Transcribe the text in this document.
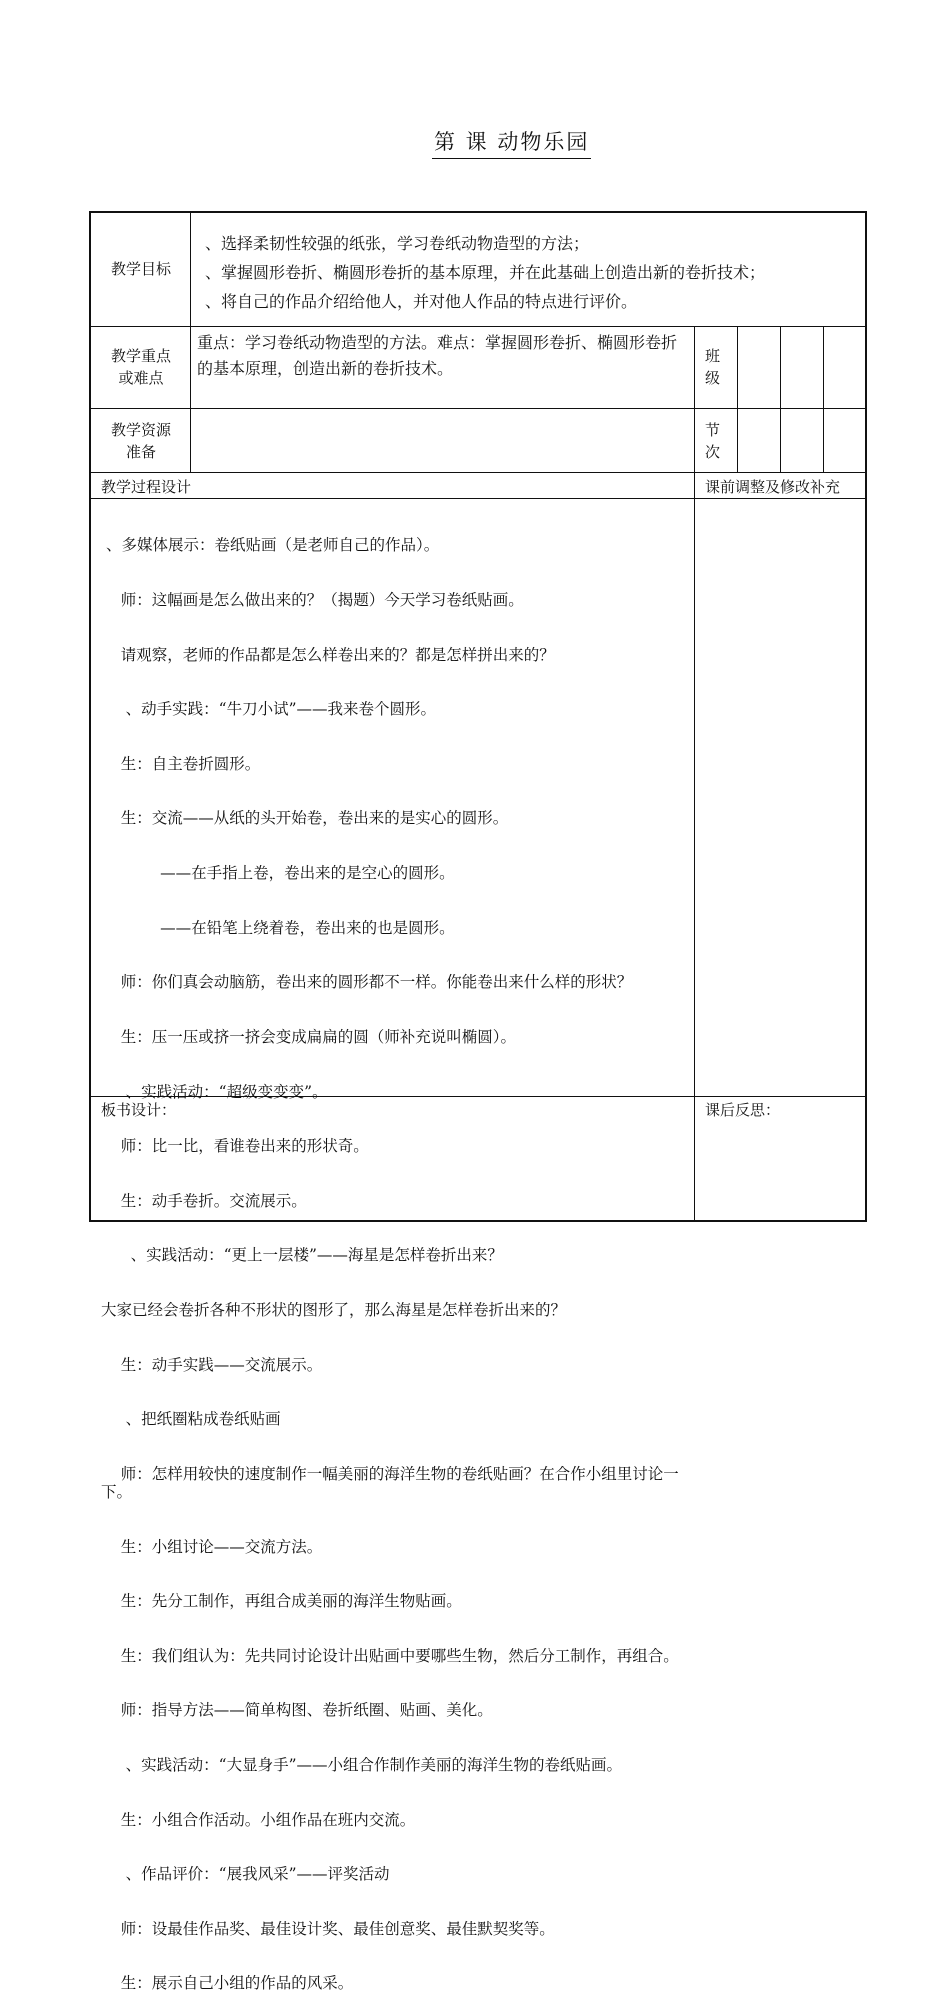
第 课 动物乐园
教学目标
、选择柔韧性较强的纸张，学习卷纸动物造型的方法；
、掌握圆形卷折、椭圆形卷折的基本原理，并在此基础上创造出新的卷折技术；
、将自己的作品介绍给他人，并对他人作品的特点进行评价。
教学重点
或难点
重点：学习卷纸动物造型的方法。难点：掌握圆形卷折、椭圆形卷折的基本原理，创造出新的卷折技术。
班
级
教学资源
准备
节
次
教学过程设计	课前调整及修改补充

、多媒体展示：卷纸贴画（是老师自己的作品）。

师：这幅画是怎么做出来的？（揭题）今天学习卷纸贴画。

请观察，老师的作品都是怎么样卷出来的？都是怎样拼出来的？

、动手实践：“牛刀小试”——我来卷个圆形。

生：自主卷折圆形。

生：交流——从纸的头开始卷，卷出来的是实心的圆形。

——在手指上卷，卷出来的是空心的圆形。

——在铅笔上绕着卷，卷出来的也是圆形。

师：你们真会动脑筋，卷出来的圆形都不一样。你能卷出来什么样的形状？

生：压一压或挤一挤会变成扁扁的圆（师补充说叫椭圆）。

、实践活动：“超级变变变”。

师：比一比，看谁卷出来的形状奇。

生：动手卷折。交流展示。

、实践活动：“更上一层楼”——海星是怎样卷折出来？

大家已经会卷折各种不形状的图形了，那么海星是怎样卷折出来的？

生：动手实践——交流展示。

、把纸圈粘成卷纸贴画

师：怎样用较快的速度制作一幅美丽的海洋生物的卷纸贴画？在合作小组里讨论一下。

生：小组讨论——交流方法。

生：先分工制作，再组合成美丽的海洋生物贴画。

生：我们组认为：先共同讨论设计出贴画中要哪些生物，然后分工制作，再组合。

师：指导方法——简单构图、卷折纸圈、贴画、美化。

、实践活动：“大显身手”——小组合作制作美丽的海洋生物的卷纸贴画。

生：小组合作活动。小组作品在班内交流。

、作品评价：“展我风采”——评奖活动

师：设最佳作品奖、最佳设计奖、最佳创意奖、最佳默契奖等。

生：展示自己小组的作品的风采。

板书设计：	课后反思：
